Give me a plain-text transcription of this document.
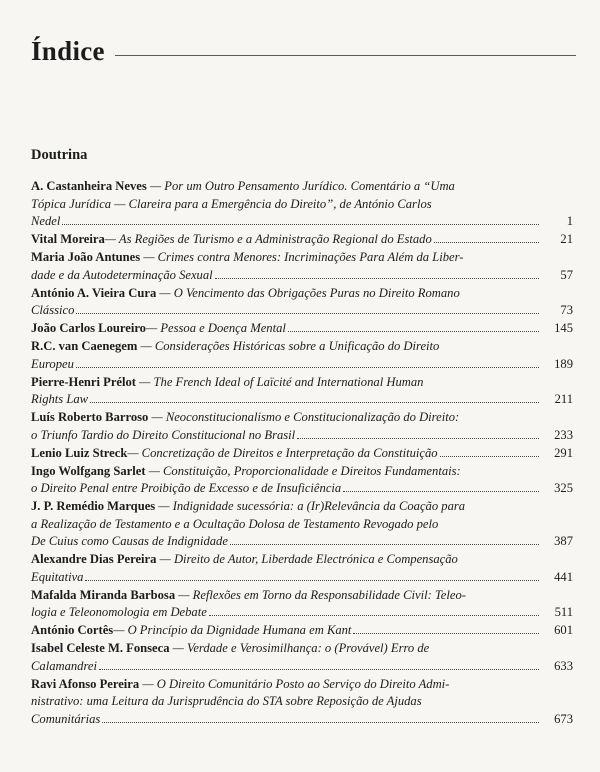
Índice
Doutrina
A. Castanheira Neves — Por um Outro Pensamento Jurídico. Comentário a “Uma
Tópica Jurídica — Clareira para a Emergência do Direito”, de António Carlos
Nedel	1
Vital Moreira — As Regiões de Turismo e a Administração Regional do Estado	21
Maria João Antunes — Crimes contra Menores: Incriminações Para Além da Liber-
dade e da Autodeterminação Sexual	57
António A. Vieira Cura — O Vencimento das Obrigações Puras no Direito Romano
Clássico	73
João Carlos Loureiro — Pessoa e Doença Mental	145
R.C. van Caenegem — Considerações Históricas sobre a Unificação do Direito
Europeu	189
Pierre-Henri Prélot — The French Ideal of Laïcité and International Human
Rights Law	211
Luís Roberto Barroso — Neoconstitucionalismo e Constitucionalização do Direito:
o Triunfo Tardio do Direito Constitucional no Brasil	233
Lenio Luiz Streck — Concretização de Direitos e Interpretação da Constituição	291
Ingo Wolfgang Sarlet — Constituição, Proporcionalidade e Direitos Fundamentais:
o Direito Penal entre Proibição de Excesso e de Insuficiência	325
J. P. Remédio Marques — Indignidade sucessória: a (Ir)Relevância da Coação para
a Realização de Testamento e a Ocultação Dolosa de Testamento Revogado pelo
De Cuius como Causas de Indignidade	387
Alexandre Dias Pereira — Direito de Autor, Liberdade Electrónica e Compensação
Equitativa	441
Mafalda Miranda Barbosa — Reflexões em Torno da Responsabilidade Civil: Teleo-
logia e Teleonomologia em Debate	511
António Cortês — O Princípio da Dignidade Humana em Kant	601
Isabel Celeste M. Fonseca — Verdade e Verosimilhança: o (Provável) Erro de
Calamandrei	633
Ravi Afonso Pereira — O Direito Comunitário Posto ao Serviço do Direito Admi-
nistrativo: uma Leitura da Jurisprudência do STA sobre Reposição de Ajudas
Comunitárias	673
